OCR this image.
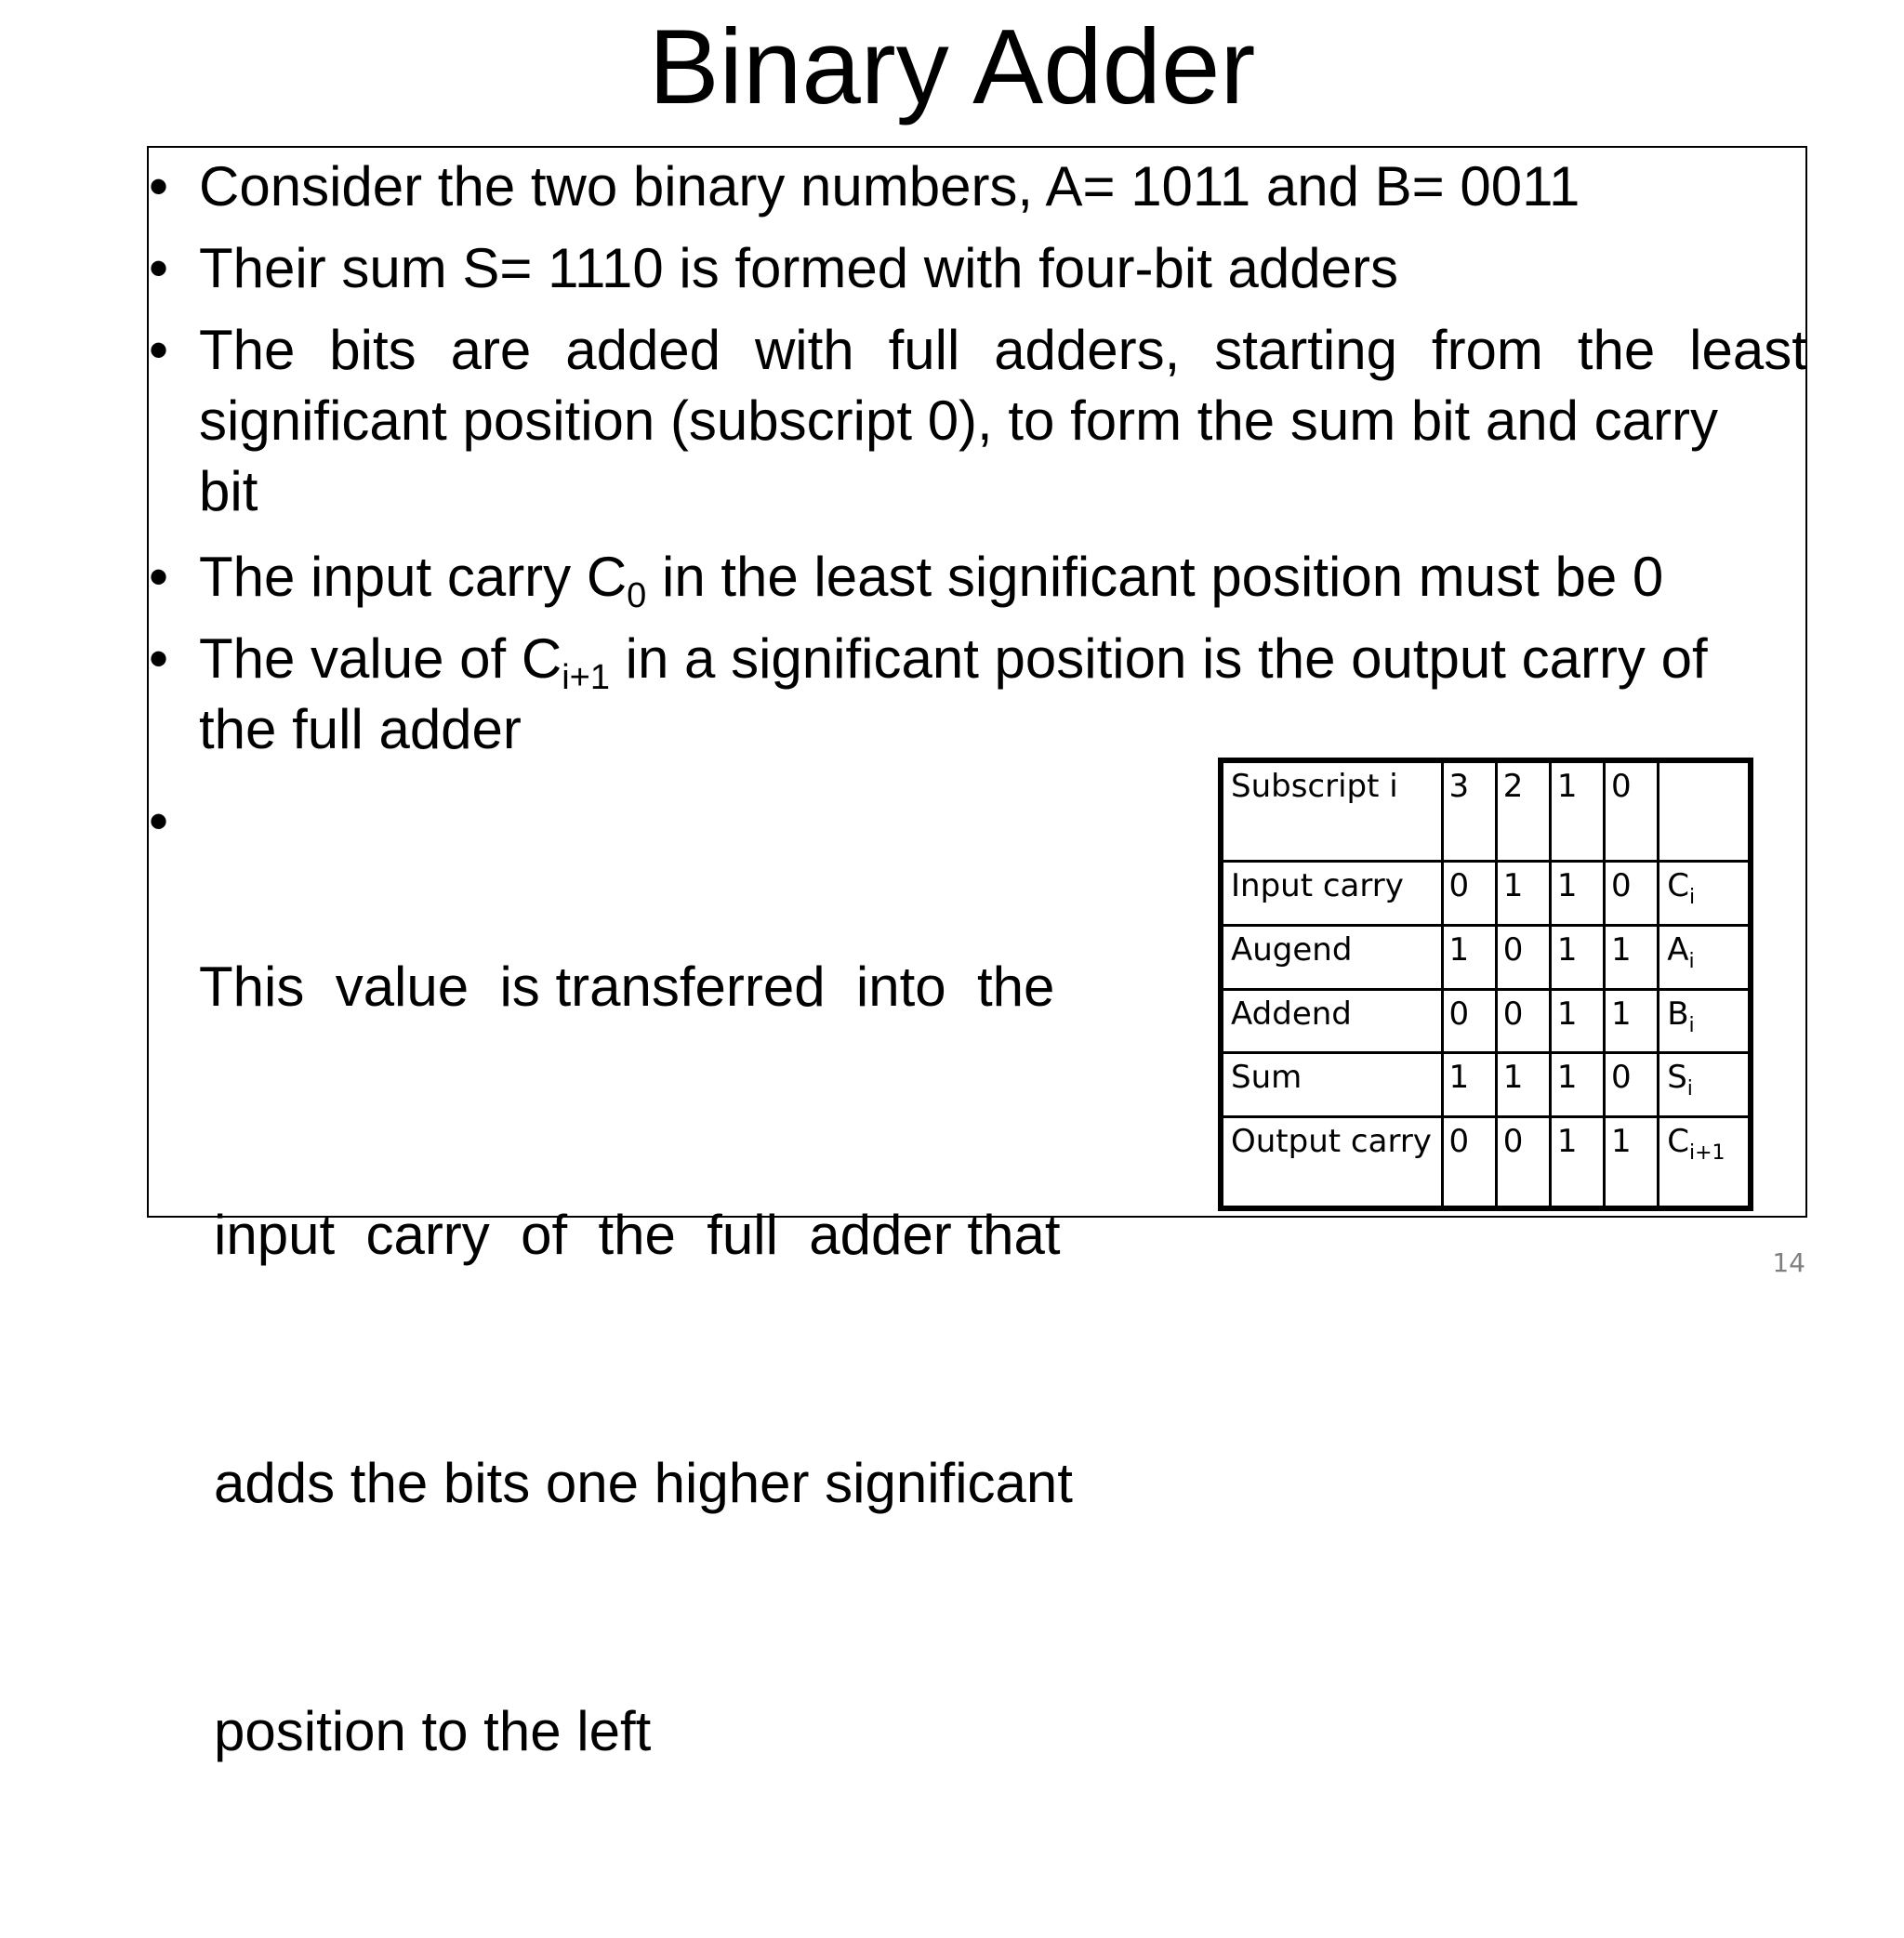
Binary Adder
• Consider the two binary numbers, A= 1011 and B= 0011
• Their sum S= 1110 is formed with four-bit adders
• The bits are added with full adders, starting from the least
significant position (subscript 0), to form the sum bit and carry
bit
• The input carry $C_0$ in the least significant position must be 0
• The value of $C_{i+1}$ in a significant position is the output carry of
the full adder
•

This  value  is transferred  into  the

input  carry  of  the  full  adder that

adds the bits one higher significant

position to the left

Subscript i	3	2	1	0	
Input carry	0	1	1	0	$C_i$
Augend	1	0	1	1	$A_i$
Addend	0	0	1	1	$B_i$
Sum	1	1	1	0	$S_i$
Output carry	0	0	1	1	$C_{i+1}$
14
